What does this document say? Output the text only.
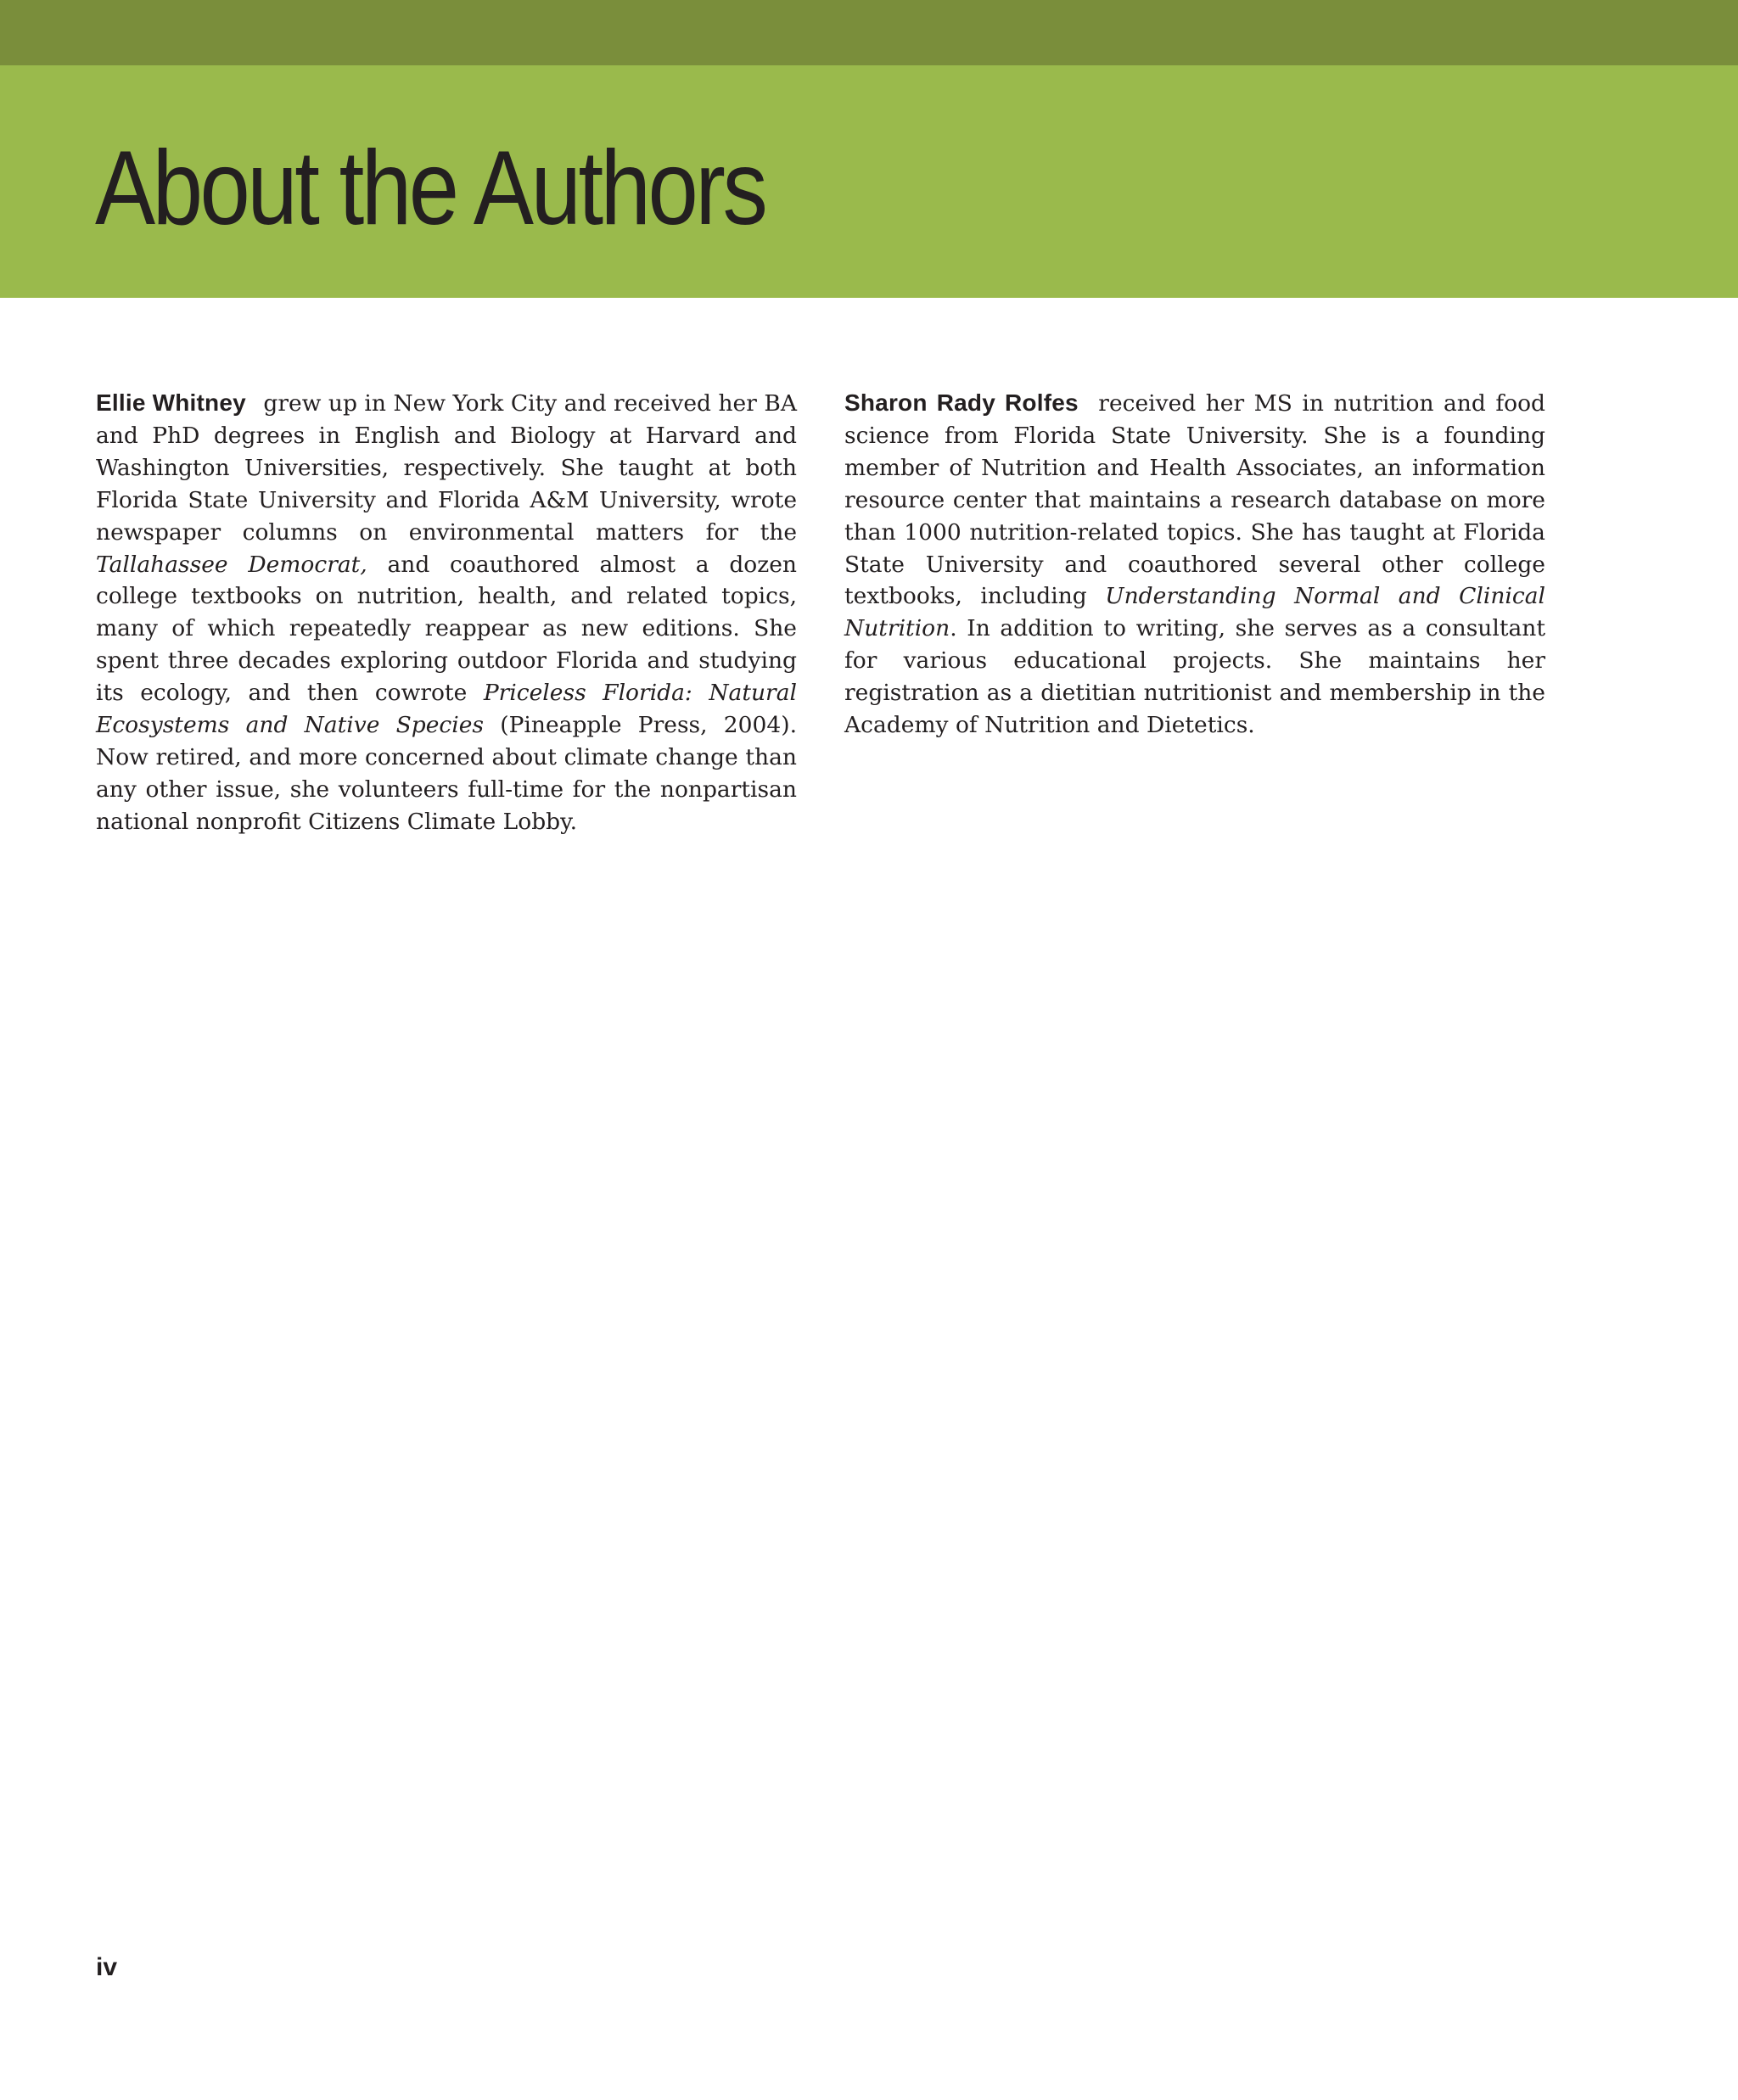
About the Authors

Ellie Whitney grew up in New York City and received her BA and PhD degrees in English and Biology at Harvard and Washington Universities, respectively. She taught at both Florida State University and Florida A&M University, wrote newspaper columns on environmental matters for the Tallahassee Democrat, and coauthored almost a dozen college textbooks on nutrition, health, and related topics, many of which repeatedly reappear as new editions. She spent three decades exploring outdoor Florida and studying its ecology, and then cowrote Priceless Florida: Natural Ecosystems and Native Species (Pineapple Press, 2004). Now retired, and more concerned about climate change than any other issue, she volunteers full-time for the nonpartisan national nonprofit Citizens Climate Lobby.

Sharon Rady Rolfes received her MS in nutrition and food science from Florida State University. She is a founding member of Nutrition and Health Associates, an information resource center that maintains a research database on more than 1000 nutrition-related topics. She has taught at Florida State University and coauthored several other college textbooks, including Understanding Normal and Clinical Nutrition. In addition to writing, she serves as a consultant for various educational projects. She maintains her registration as a dietitian nutritionist and membership in the Academy of Nutrition and Dietetics.

iv
